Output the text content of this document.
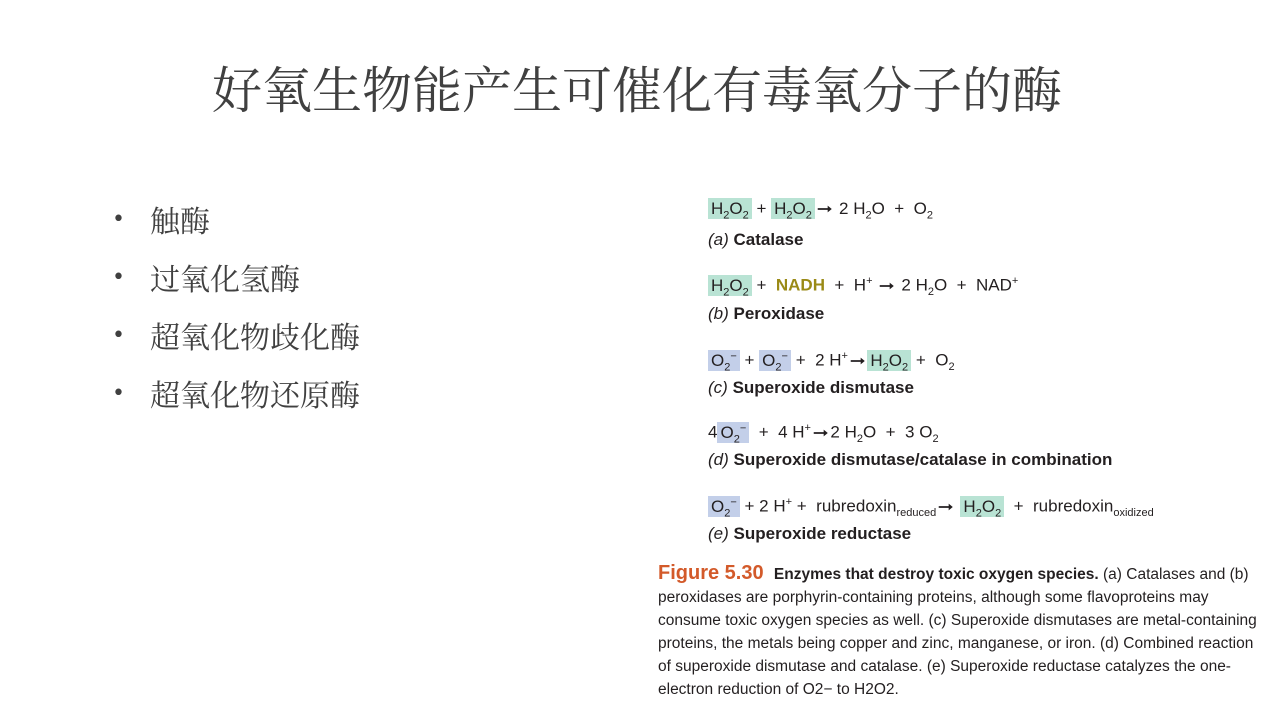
好氧生物能产生可催化有毒氧分子的酶
• 触酶
• 过氧化氢酶
• 超氧化物歧化酶
• 超氧化物还原酶
$H_2O_2 + H_2O_2$ ➞ 2 $H_2O + O_2$
(a) Catalase
$H_2O_2$ +  NADH  +  H+ ➞ 2 $H_2O + NAD^+$
(b) Peroxidase
$O_2^- + O_2^- + 2$ H+ ➞ $H_2O_2 + O_2$
(c) Superoxide dismutase
4 $O_2^- + 4$ H+ ➞2 $H_2O + 3$ $O_2$
(d) Superoxide dismutase/catalase in combination
$O_2^- + 2$ H+ +  rubredoxin$_{reduced}$ ➞ $H_2O_2$  +  rubredoxin$_{oxidized}$
(e) Superoxide reductase
Figure 5.30 Enzymes that destroy toxic oxygen species. (a) Catalases and (b) peroxidases are porphyrin-containing proteins, although some flavoproteins may consume toxic oxygen species as well. (c) Superoxide dismutases are metal-containing proteins, the metals being copper and zinc, manganese, or iron. (d) Combined reaction of superoxide dismutase and catalase. (e) Superoxide reductase catalyzes the one-electron reduction of O2− to H2O2.
